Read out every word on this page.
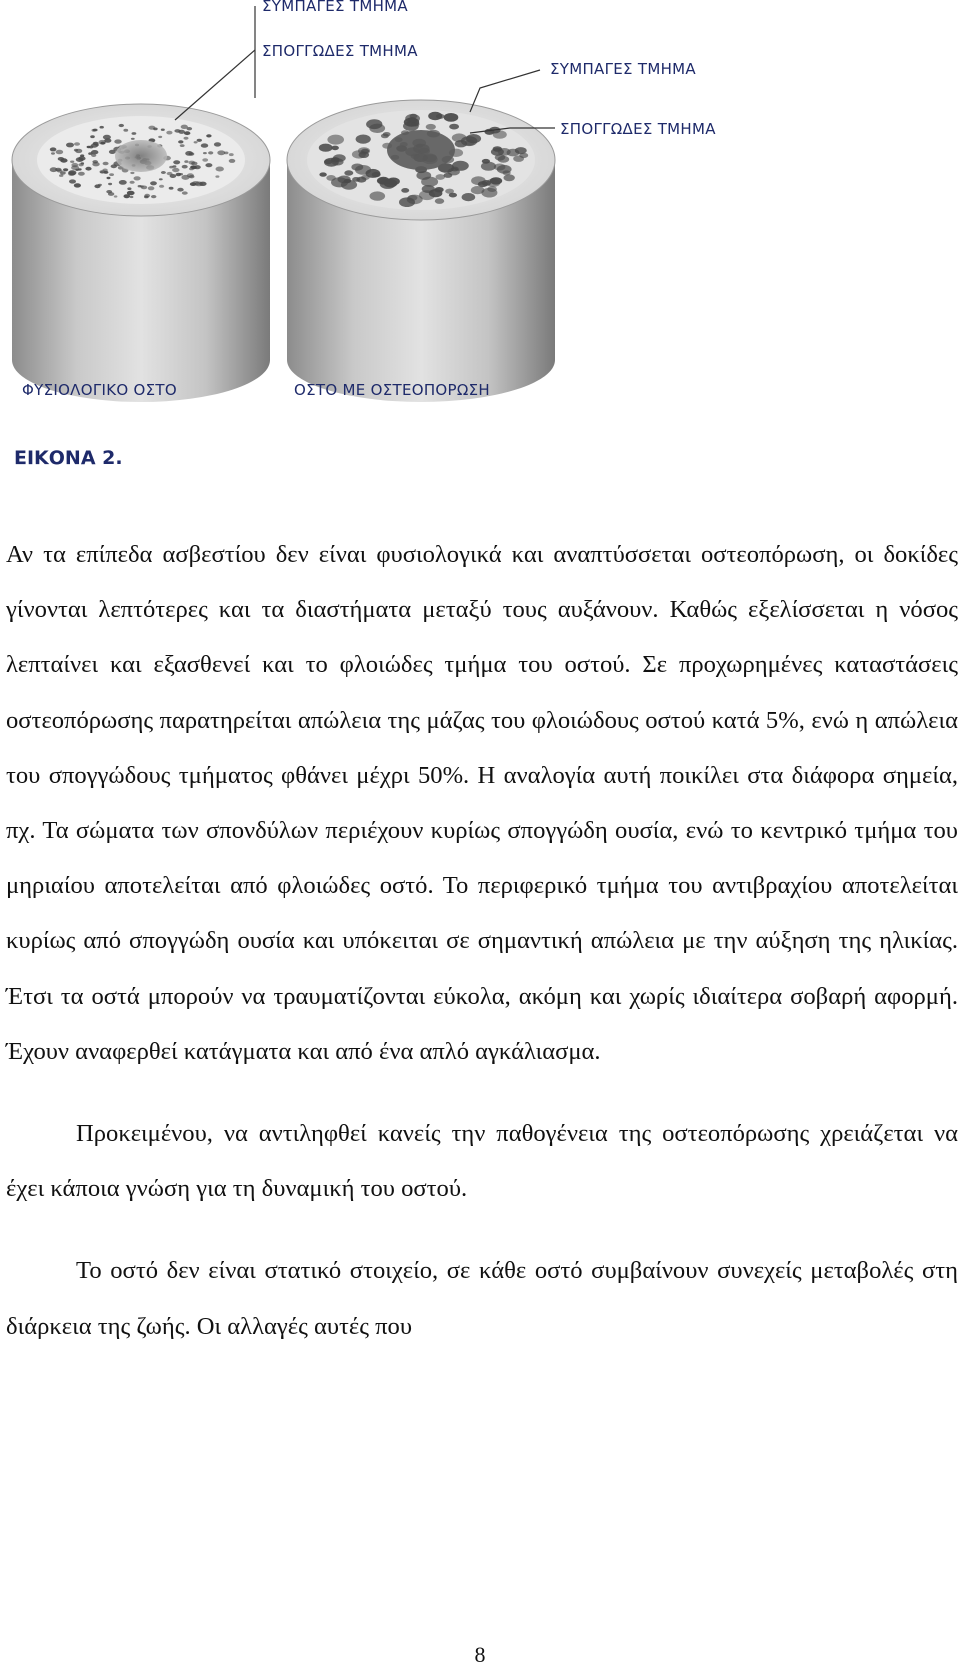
ΣΥΜΠΑΓΕΣ ΤΜΗΜΑ
ΣΠΟΓΓΩΔΕΣ ΤΜΗΜΑ
ΣΥΜΠΑΓΕΣ ΤΜΗΜΑ
ΣΠΟΓΓΩΔΕΣ ΤΜΗΜΑ
ΦΥΣΙΟΛΟΓΙΚΟ ΟΣΤΟ	ΟΣΤΟ ΜΕ ΟΣΤΕΟΠΟΡΩΣΗ
ΕΙΚΟΝΑ 2.

Αν τα επίπεδα ασβεστίου δεν είναι φυσιολογικά και αναπτύσσεται οστεοπόρωση, οι δοκίδες γίνονται λεπτότερες και τα διαστήματα μεταξύ τους αυξάνουν. Καθώς εξελίσσεται η νόσος λεπταίνει και εξασθενεί και το φλοιώδες τμήμα του οστού. Σε προχωρημένες καταστάσεις οστεοπόρωσης παρατηρείται απώλεια της μάζας του φλοιώδους οστού κατά 5%, ενώ η απώλεια του σπογγώδους τμήματος φθάνει μέχρι 50%. Η αναλογία αυτή ποικίλει στα διάφορα σημεία, πχ. Τα σώματα των σπονδύλων περιέχουν κυρίως σπογγώδη ουσία, ενώ το κεντρικό τμήμα του μηριαίου αποτελείται από φλοιώδες οστό. Το περιφερικό τμήμα του αντιβραχίου αποτελείται κυρίως από σπογγώδη ουσία και υπόκειται σε σημαντική απώλεια με την αύξηση της ηλικίας. Έτσι τα οστά μπορούν να τραυματίζονται εύκολα, ακόμη και χωρίς ιδιαίτερα σοβαρή αφορμή. Έχουν αναφερθεί κατάγματα και από ένα απλό αγκάλιασμα.

Προκειμένου, να αντιληφθεί κανείς την παθογένεια της οστεοπόρωσης χρειάζεται να έχει κάποια γνώση για τη δυναμική του οστού.

Το οστό δεν είναι στατικό στοιχείο, σε κάθε οστό συμβαίνουν συνεχείς μεταβολές στη διάρκεια της ζωής. Οι αλλαγές αυτές που

8
